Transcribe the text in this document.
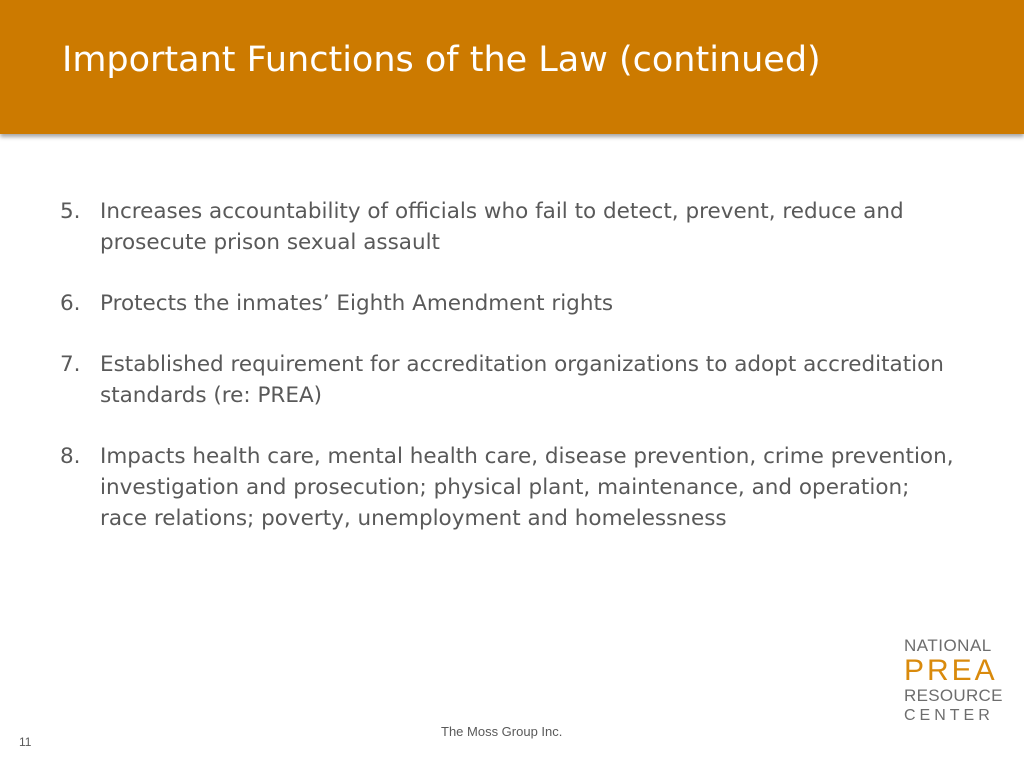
Important Functions of the Law (continued)
5. Increases accountability of officials who fail to detect, prevent, reduce and prosecute prison sexual assault
6. Protects the inmates’ Eighth Amendment rights
7. Established requirement for accreditation organizations to adopt accreditation standards (re: PREA)
8. Impacts health care, mental health care, disease prevention, crime prevention, investigation and prosecution; physical plant, maintenance, and operation; race relations; poverty, unemployment and homelessness
NATIONAL
PREA
RESOURCE
CENTER
The Moss Group Inc.
11
